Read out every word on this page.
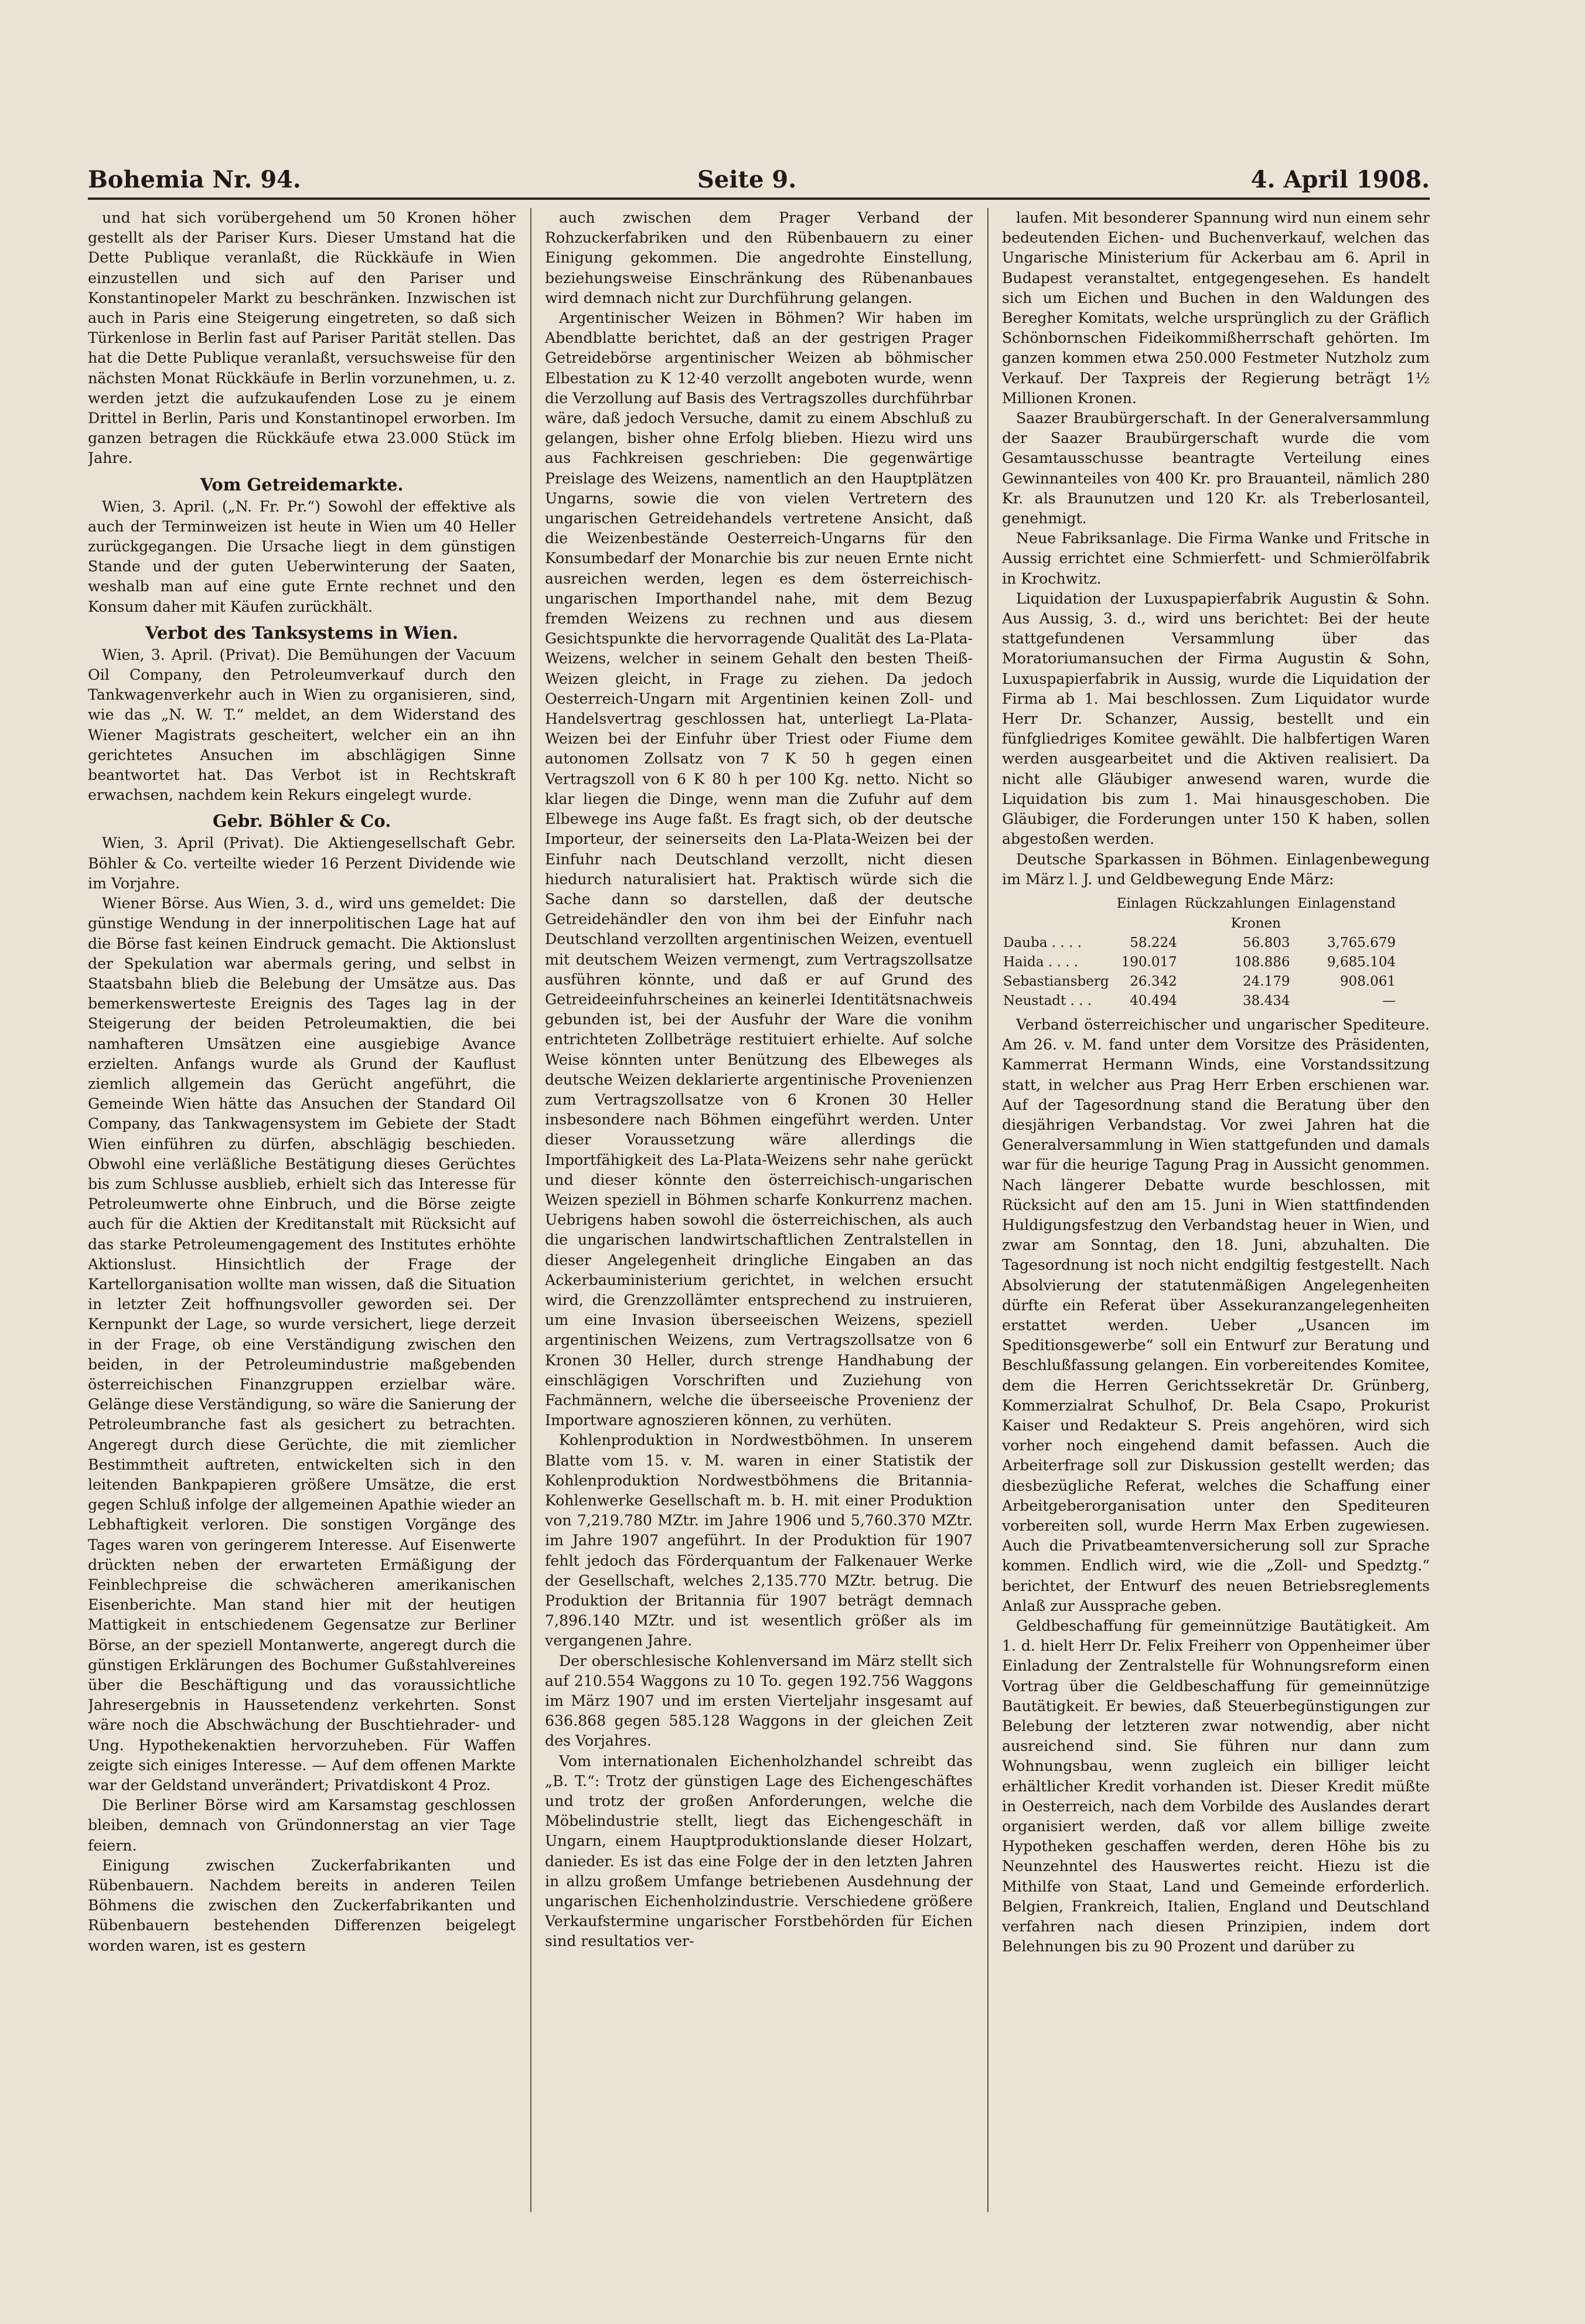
Bohemia Nr. 94.	Seite 9.	4. April 1908.

und hat sich vorübergehend um 50 Kronen höher gestellt als der Pariser Kurs. Dieser Umstand hat die Dette Publique veranlaßt, die Rückkäufe in Wien einzustellen und sich auf den Pariser und Konstantinopeler Markt zu beschränken. Inzwischen ist auch in Paris eine Steigerung eingetreten, so daß sich Türkenlose in Berlin fast auf Pariser Parität stellen. Das hat die Dette Publique veranlaßt, versuchsweise für den nächsten Monat Rückkäufe in Berlin vorzunehmen, u. z. werden jetzt die aufzukaufenden Lose zu je einem Drittel in Berlin, Paris und Konstantinopel erworben. Im ganzen betragen die Rückkäufe etwa 23.000 Stück im Jahre.

Vom Getreidemarkte.

Wien, 3. April. („N. Fr. Pr.“) Sowohl der effektive als auch der Terminweizen ist heute in Wien um 40 Heller zurückgegangen. Die Ursache liegt in dem günstigen Stande und der guten Ueberwinterung der Saaten, weshalb man auf eine gute Ernte rechnet und den Konsum daher mit Käufen zurückhält.

Verbot des Tanksystems in Wien.

Wien, 3. April. (Privat). Die Bemühungen der Vacuum Oil Company, den Petroleumverkauf durch den Tankwagenverkehr auch in Wien zu organisieren, sind, wie das „N. W. T.“ meldet, an dem Widerstand des Wiener Magistrats gescheitert, welcher ein an ihn gerichtetes Ansuchen im abschlägigen Sinne beantwortet hat. Das Verbot ist in Rechtskraft erwachsen, nachdem kein Rekurs eingelegt wurde.

Gebr. Böhler & Co.

Wien, 3. April (Privat). Die Aktiengesellschaft Gebr. Böhler & Co. verteilte wieder 16 Perzent Dividende wie im Vorjahre.

Wiener Börse. Aus Wien, 3. d., wird uns gemeldet: Die günstige Wendung in der innerpolitischen Lage hat auf die Börse fast keinen Eindruck gemacht. Die Aktionslust der Spekulation war abermals gering, und selbst in Staatsbahn blieb die Belebung der Umsätze aus. Das bemerkenswerteste Ereignis des Tages lag in der Steigerung der beiden Petroleumaktien, die bei namhafteren Umsätzen eine ausgiebige Avance erzielten. Anfangs wurde als Grund der Kauflust ziemlich allgemein das Gerücht angeführt, die Gemeinde Wien hätte das Ansuchen der Standard Oil Company, das Tankwagensystem im Gebiete der Stadt Wien einführen zu dürfen, abschlägig beschieden. Obwohl eine verläßliche Bestätigung dieses Gerüchtes bis zum Schlusse ausblieb, erhielt sich das Interesse für Petroleumwerte ohne Einbruch, und die Börse zeigte auch für die Aktien der Kreditanstalt mit Rücksicht auf das starke Petroleumengagement des Institutes erhöhte Aktionslust. Hinsichtlich der Frage der Kartellorganisation wollte man wissen, daß die Situation in letzter Zeit hoffnungsvoller geworden sei. Der Kernpunkt der Lage, so wurde versichert, liege derzeit in der Frage, ob eine Verständigung zwischen den beiden, in der Petroleumindustrie maßgebenden österreichischen Finanzgruppen erzielbar wäre. Gelänge diese Verständigung, so wäre die Sanierung der Petroleumbranche fast als gesichert zu betrachten. Angeregt durch diese Gerüchte, die mit ziemlicher Bestimmtheit auftreten, entwickelten sich in den leitenden Bankpapieren größere Umsätze, die erst gegen Schluß infolge der allgemeinen Apathie wieder an Lebhaftigkeit verloren. Die sonstigen Vorgänge des Tages waren von geringerem Interesse. Auf Eisenwerte drückten neben der erwarteten Ermäßigung der Feinblechpreise die schwächeren amerikanischen Eisenberichte. Man stand hier mit der heutigen Mattigkeit in entschiedenem Gegensatze zur Berliner Börse, an der speziell Montanwerte, angeregt durch die günstigen Erklärungen des Bochumer Gußstahlvereines über die Beschäftigung und das voraussichtliche Jahresergebnis in Haussetendenz verkehrten. Sonst wäre noch die Abschwächung der Buschtiehrader- und Ung. Hypothekenaktien hervorzuheben. Für Waffen zeigte sich einiges Interesse. — Auf dem offenen Markte war der Geldstand unverändert; Privatdiskont 4 Proz.

Die Berliner Börse wird am Karsamstag geschlossen bleiben, demnach von Gründonnerstag an vier Tage feiern.

Einigung zwischen Zuckerfabrikanten und Rübenbauern. Nachdem bereits in anderen Teilen Böhmens die zwischen den Zuckerfabrikanten und Rübenbauern bestehenden Differenzen beigelegt worden waren, ist es gestern

auch zwischen dem Prager Verband der Rohzuckerfabriken und den Rübenbauern zu einer Einigung gekommen. Die angedrohte Einstellung, beziehungsweise Einschränkung des Rübenanbaues wird demnach nicht zur Durchführung gelangen.

Argentinischer Weizen in Böhmen? Wir haben im Abendblatte berichtet, daß an der gestrigen Prager Getreidebörse argentinischer Weizen ab böhmischer Elbestation zu K 12·40 verzollt angeboten wurde, wenn die Verzollung auf Basis des Vertragszolles durchführbar wäre, daß jedoch Versuche, damit zu einem Abschluß zu gelangen, bisher ohne Erfolg blieben. Hiezu wird uns aus Fachkreisen geschrieben: Die gegenwärtige Preislage des Weizens, namentlich an den Hauptplätzen Ungarns, sowie die von vielen Vertretern des ungarischen Getreidehandels vertretene Ansicht, daß die Weizenbestände Oesterreich-Ungarns für den Konsumbedarf der Monarchie bis zur neuen Ernte nicht ausreichen werden, legen es dem österreichisch-ungarischen Importhandel nahe, mit dem Bezug fremden Weizens zu rechnen und aus diesem Gesichtspunkte die hervorragende Qualität des La-Plata-Weizens, welcher in seinem Gehalt den besten Theiß-Weizen gleicht, in Frage zu ziehen. Da jedoch Oesterreich-Ungarn mit Argentinien keinen Zoll- und Handelsvertrag geschlossen hat, unterliegt La-Plata-Weizen bei der Einfuhr über Triest oder Fiume dem autonomen Zollsatz von 7 K 50 h gegen einen Vertragszoll von 6 K 80 h per 100 Kg. netto. Nicht so klar liegen die Dinge, wenn man die Zufuhr auf dem Elbewege ins Auge faßt. Es fragt sich, ob der deutsche Importeur, der seinerseits den La-Plata-Weizen bei der Einfuhr nach Deutschland verzollt, nicht diesen hiedurch naturalisiert hat. Praktisch würde sich die Sache dann so darstellen, daß der deutsche Getreidehändler den von ihm bei der Einfuhr nach Deutschland verzollten argentinischen Weizen, eventuell mit deutschem Weizen vermengt, zum Vertragszollsatze ausführen könnte, und daß er auf Grund des Getreideeinfuhrscheines an keinerlei Identitätsnachweis gebunden ist, bei der Ausfuhr der Ware die vonihm entrichteten Zollbeträge restituiert erhielte. Auf solche Weise könnten unter Benützung des Elbeweges als deutsche Weizen deklarierte argentinische Provenienzen zum Vertragszollsatze von 6 Kronen 30 Heller insbesondere nach Böhmen eingeführt werden. Unter dieser Voraussetzung wäre allerdings die Importfähigkeit des La-Plata-Weizens sehr nahe gerückt und dieser könnte den österreichisch-ungarischen Weizen speziell in Böhmen scharfe Konkurrenz machen. Uebrigens haben sowohl die österreichischen, als auch die ungarischen landwirtschaftlichen Zentralstellen in dieser Angelegenheit dringliche Eingaben an das Ackerbauministerium gerichtet, in welchen ersucht wird, die Grenzzollämter entsprechend zu instruieren, um eine Invasion überseeischen Weizens, speziell argentinischen Weizens, zum Vertragszollsatze von 6 Kronen 30 Heller, durch strenge Handhabung der einschlägigen Vorschriften und Zuziehung von Fachmännern, welche die überseeische Provenienz der Importware agnoszieren können, zu verhüten.

Kohlenproduktion in Nordwestböhmen. In unserem Blatte vom 15. v. M. waren in einer Statistik der Kohlenproduktion Nordwestböhmens die Britannia-Kohlenwerke Gesellschaft m. b. H. mit einer Produktion von 7,219.780 MZtr. im Jahre 1906 und 5,760.370 MZtr. im Jahre 1907 angeführt. In der Produktion für 1907 fehlt jedoch das Förderquantum der Falkenauer Werke der Gesellschaft, welches 2,135.770 MZtr. betrug. Die Produktion der Britannia für 1907 beträgt demnach 7,896.140 MZtr. und ist wesentlich größer als im vergangenen Jahre.

Der oberschlesische Kohlenversand im März stellt sich auf 210.554 Waggons zu 10 To. gegen 192.756 Waggons im März 1907 und im ersten Vierteljahr insgesamt auf 636.868 gegen 585.128 Waggons in der gleichen Zeit des Vorjahres.

Vom internationalen Eichenholzhandel schreibt das „B. T.“: Trotz der günstigen Lage des Eichengeschäftes und trotz der großen Anforderungen, welche die Möbelindustrie stellt, liegt das Eichengeschäft in Ungarn, einem Hauptproduktionslande dieser Holzart, danieder. Es ist das eine Folge der in den letzten Jahren in allzu großem Umfange betriebenen Ausdehnung der ungarischen Eichenholzindustrie. Verschiedene größere Verkaufstermine ungarischer Forstbehörden für Eichen sind resultatios ver-

laufen. Mit besonderer Spannung wird nun einem sehr bedeutenden Eichen- und Buchenverkauf, welchen das Ungarische Ministerium für Ackerbau am 6. April in Budapest veranstaltet, entgegengesehen. Es handelt sich um Eichen und Buchen in den Waldungen des Beregher Komitats, welche ursprünglich zu der Gräflich Schönbornschen Fideikommißherrschaft gehörten. Im ganzen kommen etwa 250.000 Festmeter Nutzholz zum Verkauf. Der Taxpreis der Regierung beträgt 1½ Millionen Kronen.

Saazer Braubürgerschaft. In der Generalversammlung der Saazer Braubürgerschaft wurde die vom Gesamtausschusse beantragte Verteilung eines Gewinnanteiles von 400 Kr. pro Brauanteil, nämlich 280 Kr. als Braunutzen und 120 Kr. als Treberlosanteil, genehmigt.

Neue Fabriksanlage. Die Firma Wanke und Fritsche in Aussig errichtet eine Schmierfett- und Schmierölfabrik in Krochwitz.

Liquidation der Luxuspapierfabrik Augustin & Sohn. Aus Aussig, 3. d., wird uns berichtet: Bei der heute stattgefundenen Versammlung über das Moratoriumansuchen der Firma Augustin & Sohn, Luxuspapierfabrik in Aussig, wurde die Liquidation der Firma ab 1. Mai beschlossen. Zum Liquidator wurde Herr Dr. Schanzer, Aussig, bestellt und ein fünfgliedriges Komitee gewählt. Die halbfertigen Waren werden ausgearbeitet und die Aktiven realisiert. Da nicht alle Gläubiger anwesend waren, wurde die Liquidation bis zum 1. Mai hinausgeschoben. Die Gläubiger, die Forderungen unter 150 K haben, sollen abgestoßen werden.

Deutsche Sparkassen in Böhmen. Einlagenbewegung im März l. J. und Geldbewegung Ende März:

	Einlagen	Rückzahlungen	Einlagenstand
	Kronen		
Dauba . . . .	58.224	56.803	3,765.679
Haida . . . .	190.017	108.886	9,685.104
Sebastiansberg	26.342	24.179	908.061
Neustadt . . .	40.494	38.434	—

Verband österreichischer und ungarischer Spediteure. Am 26. v. M. fand unter dem Vorsitze des Präsidenten, Kammerrat Hermann Winds, eine Vorstandssitzung statt, in welcher aus Prag Herr Erben erschienen war. Auf der Tagesordnung stand die Beratung über den diesjährigen Verbandstag. Vor zwei Jahren hat die Generalversammlung in Wien stattgefunden und damals war für die heurige Tagung Prag in Aussicht genommen. Nach längerer Debatte wurde beschlossen, mit Rücksicht auf den am 15. Juni in Wien stattfindenden Huldigungsfestzug den Verbandstag heuer in Wien, und zwar am Sonntag, den 18. Juni, abzuhalten. Die Tagesordnung ist noch nicht endgiltig festgestellt. Nach Absolvierung der statutenmäßigen Angelegenheiten dürfte ein Referat über Assekuranzangelegenheiten erstattet werden. Ueber „Usancen im Speditionsgewerbe“ soll ein Entwurf zur Beratung und Beschlußfassung gelangen. Ein vorbereitendes Komitee, dem die Herren Gerichtssekretär Dr. Grünberg, Kommerzialrat Schulhof, Dr. Bela Csapo, Prokurist Kaiser und Redakteur S. Preis angehören, wird sich vorher noch eingehend damit befassen. Auch die Arbeiterfrage soll zur Diskussion gestellt werden; das diesbezügliche Referat, welches die Schaffung einer Arbeitgeberorganisation unter den Spediteuren vorbereiten soll, wurde Herrn Max Erben zugewiesen. Auch die Privatbeamtenversicherung soll zur Sprache kommen. Endlich wird, wie die „Zoll- und Spedztg.“ berichtet, der Entwurf des neuen Betriebsreglements Anlaß zur Aussprache geben.

Geldbeschaffung für gemeinnützige Bautätigkeit. Am 1. d. hielt Herr Dr. Felix Freiherr von Oppenheimer über Einladung der Zentralstelle für Wohnungsreform einen Vortrag über die Geldbeschaffung für gemeinnützige Bautätigkeit. Er bewies, daß Steuerbegünstigungen zur Belebung der letzteren zwar notwendig, aber nicht ausreichend sind. Sie führen nur dann zum Wohnungsbau, wenn zugleich ein billiger leicht erhältlicher Kredit vorhanden ist. Dieser Kredit müßte in Oesterreich, nach dem Vorbilde des Auslandes derart organisiert werden, daß vor allem billige zweite Hypotheken geschaffen werden, deren Höhe bis zu Neunzehntel des Hauswertes reicht. Hiezu ist die Mithilfe von Staat, Land und Gemeinde erforderlich. Belgien, Frankreich, Italien, England und Deutschland verfahren nach diesen Prinzipien, indem dort Belehnungen bis zu 90 Prozent und darüber zu
